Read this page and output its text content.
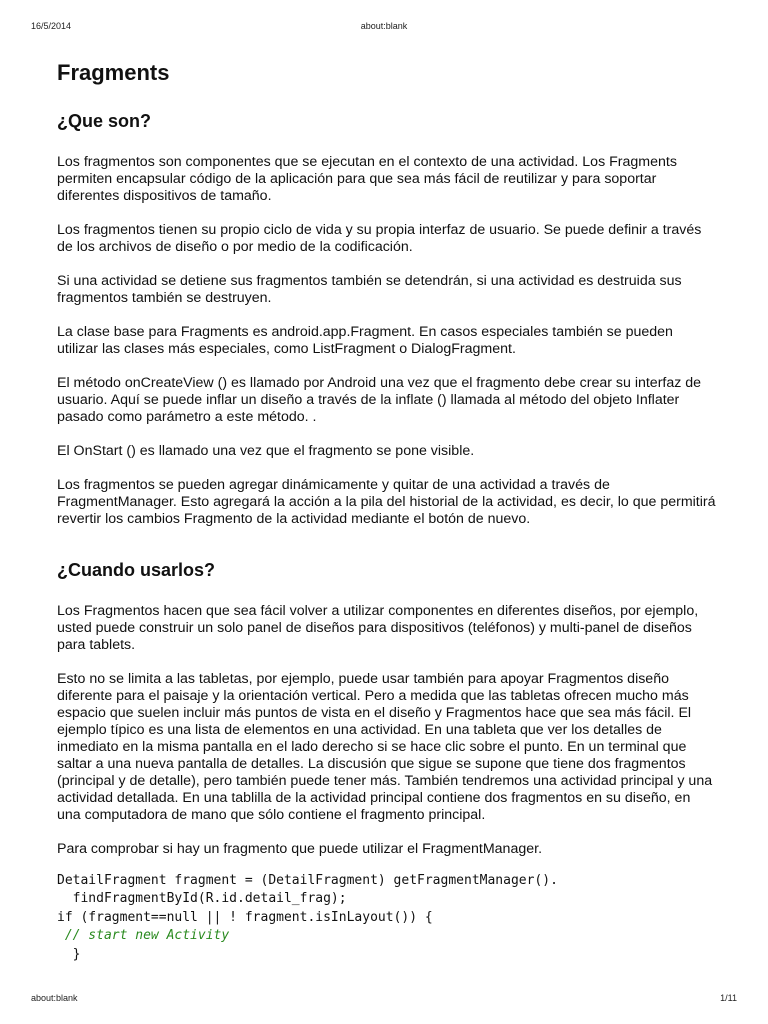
16/5/2014	about:blank
Fragments
¿Que son?

Los fragmentos son componentes que se ejecutan en el contexto de una actividad. Los Fragments permiten encapsular código de la aplicación para que sea más fácil de reutilizar y para soportar diferentes dispositivos de tamaño.

Los fragmentos tienen su propio ciclo de vida y su propia interfaz de usuario. Se puede definir a través de los archivos de diseño o por medio de la codificación.

Si una actividad se detiene sus fragmentos también se detendrán, si una actividad es destruida sus fragmentos también se destruyen.

La clase base para Fragments es android.app.Fragment. En casos especiales también se pueden utilizar las clases más especiales, como ListFragment o DialogFragment.

El método onCreateView () es llamado por Android una vez que el fragmento debe crear su interfaz de usuario. Aquí se puede inflar un diseño a través de la inflate () llamada al método del objeto Inflater pasado como parámetro a este método. .

El OnStart () es llamado una vez que el fragmento se pone visible.

Los fragmentos se pueden agregar dinámicamente y quitar de una actividad a través de FragmentManager. Esto agregará la acción a la pila del historial de la actividad, es decir, lo que permitirá revertir los cambios Fragmento de la actividad mediante el botón de nuevo.

¿Cuando usarlos?

Los Fragmentos hacen que sea fácil volver a utilizar componentes en diferentes diseños, por ejemplo, usted puede construir un solo panel de diseños para dispositivos (teléfonos) y multi-panel de diseños para tablets.

Esto no se limita a las tabletas, por ejemplo, puede usar también para apoyar Fragmentos diseño diferente para el paisaje y la orientación vertical. Pero a medida que las tabletas ofrecen mucho más espacio que suelen incluir más puntos de vista en el diseño y Fragmentos hace que sea más fácil. El ejemplo típico es una lista de elementos en una actividad. En una tableta que ver los detalles de inmediato en la misma pantalla en el lado derecho si se hace clic sobre el punto. En un terminal que saltar a una nueva pantalla de detalles. La discusión que sigue se supone que tiene dos fragmentos (principal y de detalle), pero también puede tener más. También tendremos una actividad principal y una actividad detallada. En una tablilla de la actividad principal contiene dos fragmentos en su diseño, en una computadora de mano que sólo contiene el fragmento principal.

Para comprobar si hay un fragmento que puede utilizar el FragmentManager.

DetailFragment fragment = (DetailFragment) getFragmentManager().
findFragmentById(R.id.detail_frag);
if (fragment==null || ! fragment.isInLayout()) {
// start new Activity
}
about:blank	1/11
